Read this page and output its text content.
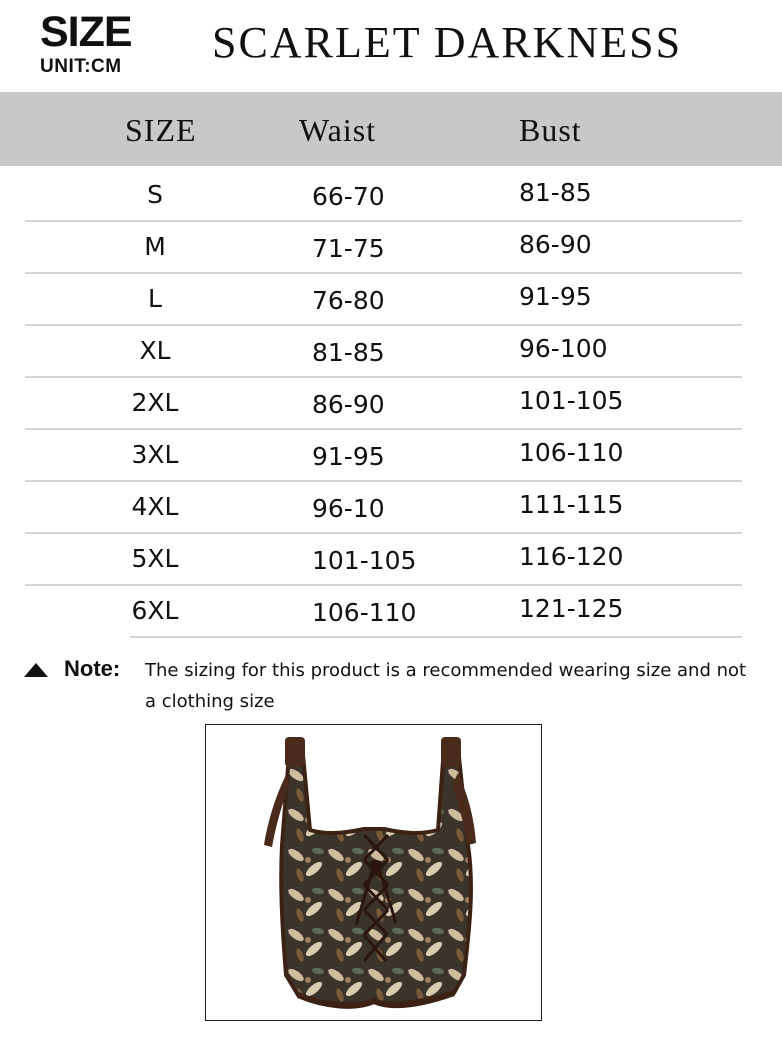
SIZE
UNIT:CM	SCARLET DARKNESS
SIZE	Waist	Bust
S	66-70	81-85
M	71-75	86-90
L	76-80	91-95
XL	81-85	96-100
2XL	86-90	101-105
3XL	91-95	106-110
4XL	96-10	111-115
5XL	101-105	116-120
6XL	106-110	121-125
Note: The sizing for this product is a recommended wearing size and not a clothing size
